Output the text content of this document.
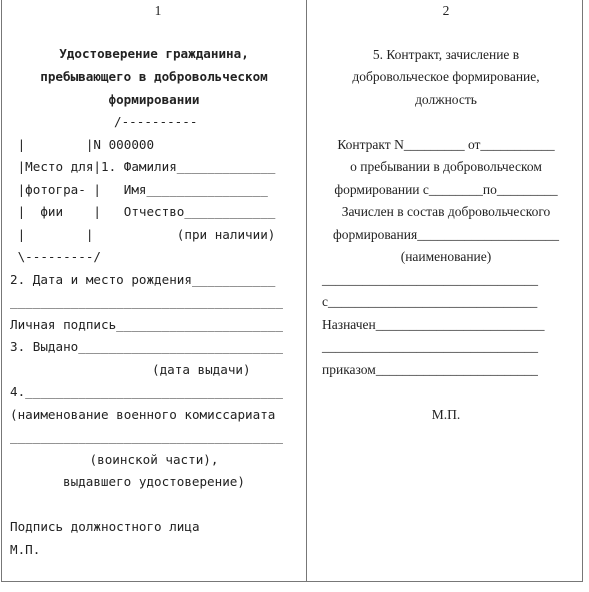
1	2
Удостоверение гражданина,
пребывающего в добровольческом
формировании
/----------
|        |N 000000
|Место для|1. Фамилия_____________
|фотогра- |   Имя________________
|  фии    |   Отчество____________
|        |           (при наличии)
\---------/
2. Дата и место рождения___________
____________________________________
Личная подпись______________________
3. Выдано___________________________
(дата выдачи)
4.__________________________________
(наименование военного комиссариата
____________________________________
(воинской части),
выдавшего удостоверение)
Подпись должностного лица
М.П.
5. Контракт, зачисление в
добровольческое формирование,
должность
Контракт N_________ от___________
о пребывании в добровольческом
формировании с________по_________
Зачислен в состав добровольческого
формирования_____________________
(наименование)
________________________________
с_______________________________
Назначен_________________________
________________________________
приказом________________________
М.П.
